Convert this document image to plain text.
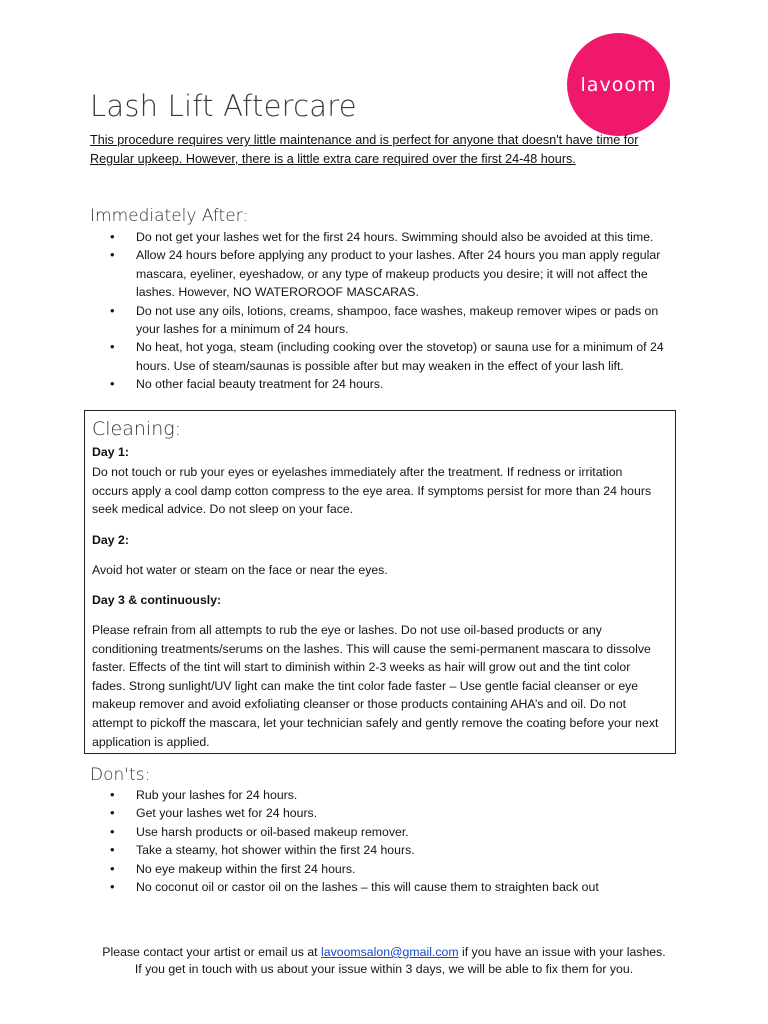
lavoom
Lash Lift Aftercare

This procedure requires very little maintenance and is perfect for anyone that doesn't have time for Regular upkeep. However, there is a little extra care required over the first 24-48 hours.

Immediately After:
• Do not get your lashes wet for the first 24 hours. Swimming should also be avoided at this time.
• Allow 24 hours before applying any product to your lashes. After 24 hours you man apply regular mascara, eyeliner, eyeshadow, or any type of makeup products you desire; it will not affect the lashes. However, NO WATEROROOF MASCARAS.
• Do not use any oils, lotions, creams, shampoo, face washes, makeup remover wipes or pads on your lashes for a minimum of 24 hours.
• No heat, hot yoga, steam (including cooking over the stovetop) or sauna use for a minimum of 24 hours. Use of steam/saunas is possible after but may weaken in the effect of your lash lift.
• No other facial beauty treatment for 24 hours.
Cleaning:

Day 1:

Do not touch or rub your eyes or eyelashes immediately after the treatment. If redness or irritation occurs apply a cool damp cotton compress to the eye area. If symptoms persist for more than 24 hours seek medical advice. Do not sleep on your face.

Day 2:

Avoid hot water or steam on the face or near the eyes.

Day 3 & continuously:

Please refrain from all attempts to rub the eye or lashes. Do not use oil-based products or any conditioning treatments/serums on the lashes. This will cause the semi-permanent mascara to dissolve faster. Effects of the tint will start to diminish within 2-3 weeks as hair will grow out and the tint color fades. Strong sunlight/UV light can make the tint color fade faster – Use gentle facial cleanser or eye makeup remover and avoid exfoliating cleanser or those products containing AHA’s and oil. Do not attempt to pickoff the mascara, let your technician safely and gently remove the coating before your next application is applied.

Don'ts:
• Rub your lashes for 24 hours.
• Get your lashes wet for 24 hours.
• Use harsh products or oil-based makeup remover.
• Take a steamy, hot shower within the first 24 hours.
• No eye makeup within the first 24 hours.
• No coconut oil or castor oil on the lashes – this will cause them to straighten back out
Please contact your artist or email us at lavoomsalon@gmail.com if you have an issue with your lashes.
If you get in touch with us about your issue within 3 days, we will be able to fix them for you.
